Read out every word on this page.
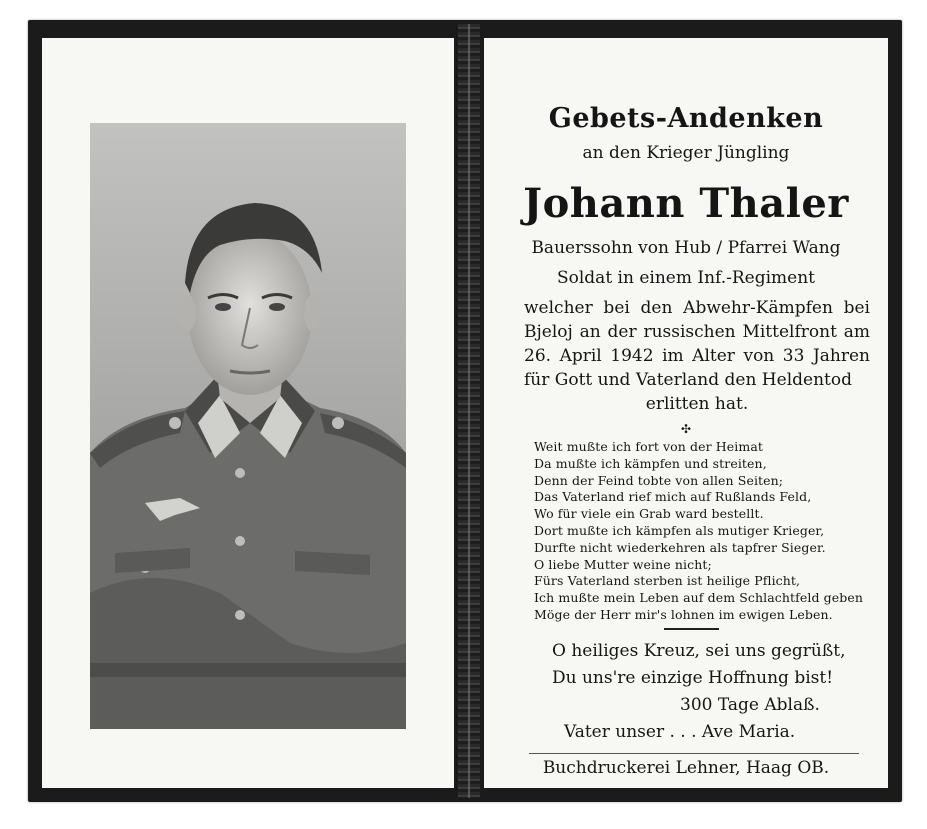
Gebets-Andenken
an den Krieger Jüngling
Johann Thaler
Bauerssohn von Hub / Pfarrei Wang
Soldat in einem Inf.-Regiment
welcher bei den Abwehr-Kämpfen bei Bjeloj an der russischen Mittelfront am 26. April 1942 im Alter von 33 Jahren für Gott und Vaterland den Heldentod
erlitten hat.
✣
Weit mußte ich fort von der Heimat
Da mußte ich kämpfen und streiten,
Denn der Feind tobte von allen Seiten;
Das Vaterland rief mich auf Rußlands Feld,
Wo für viele ein Grab ward bestellt.
Dort mußte ich kämpfen als mutiger Krieger,
Durfte nicht wiederkehren als tapfrer Sieger.
O liebe Mutter weine nicht;
Fürs Vaterland sterben ist heilige Pflicht,
Ich mußte mein Leben auf dem Schlachtfeld geben
Möge der Herr mir's lohnen im ewigen Leben.
O heiliges Kreuz, sei uns gegrüßt,
Du uns're einzige Hoffnung bist!
300 Tage Ablaß.
Vater unser . . . Ave Maria.
Buchdruckerei Lehner, Haag OB.
